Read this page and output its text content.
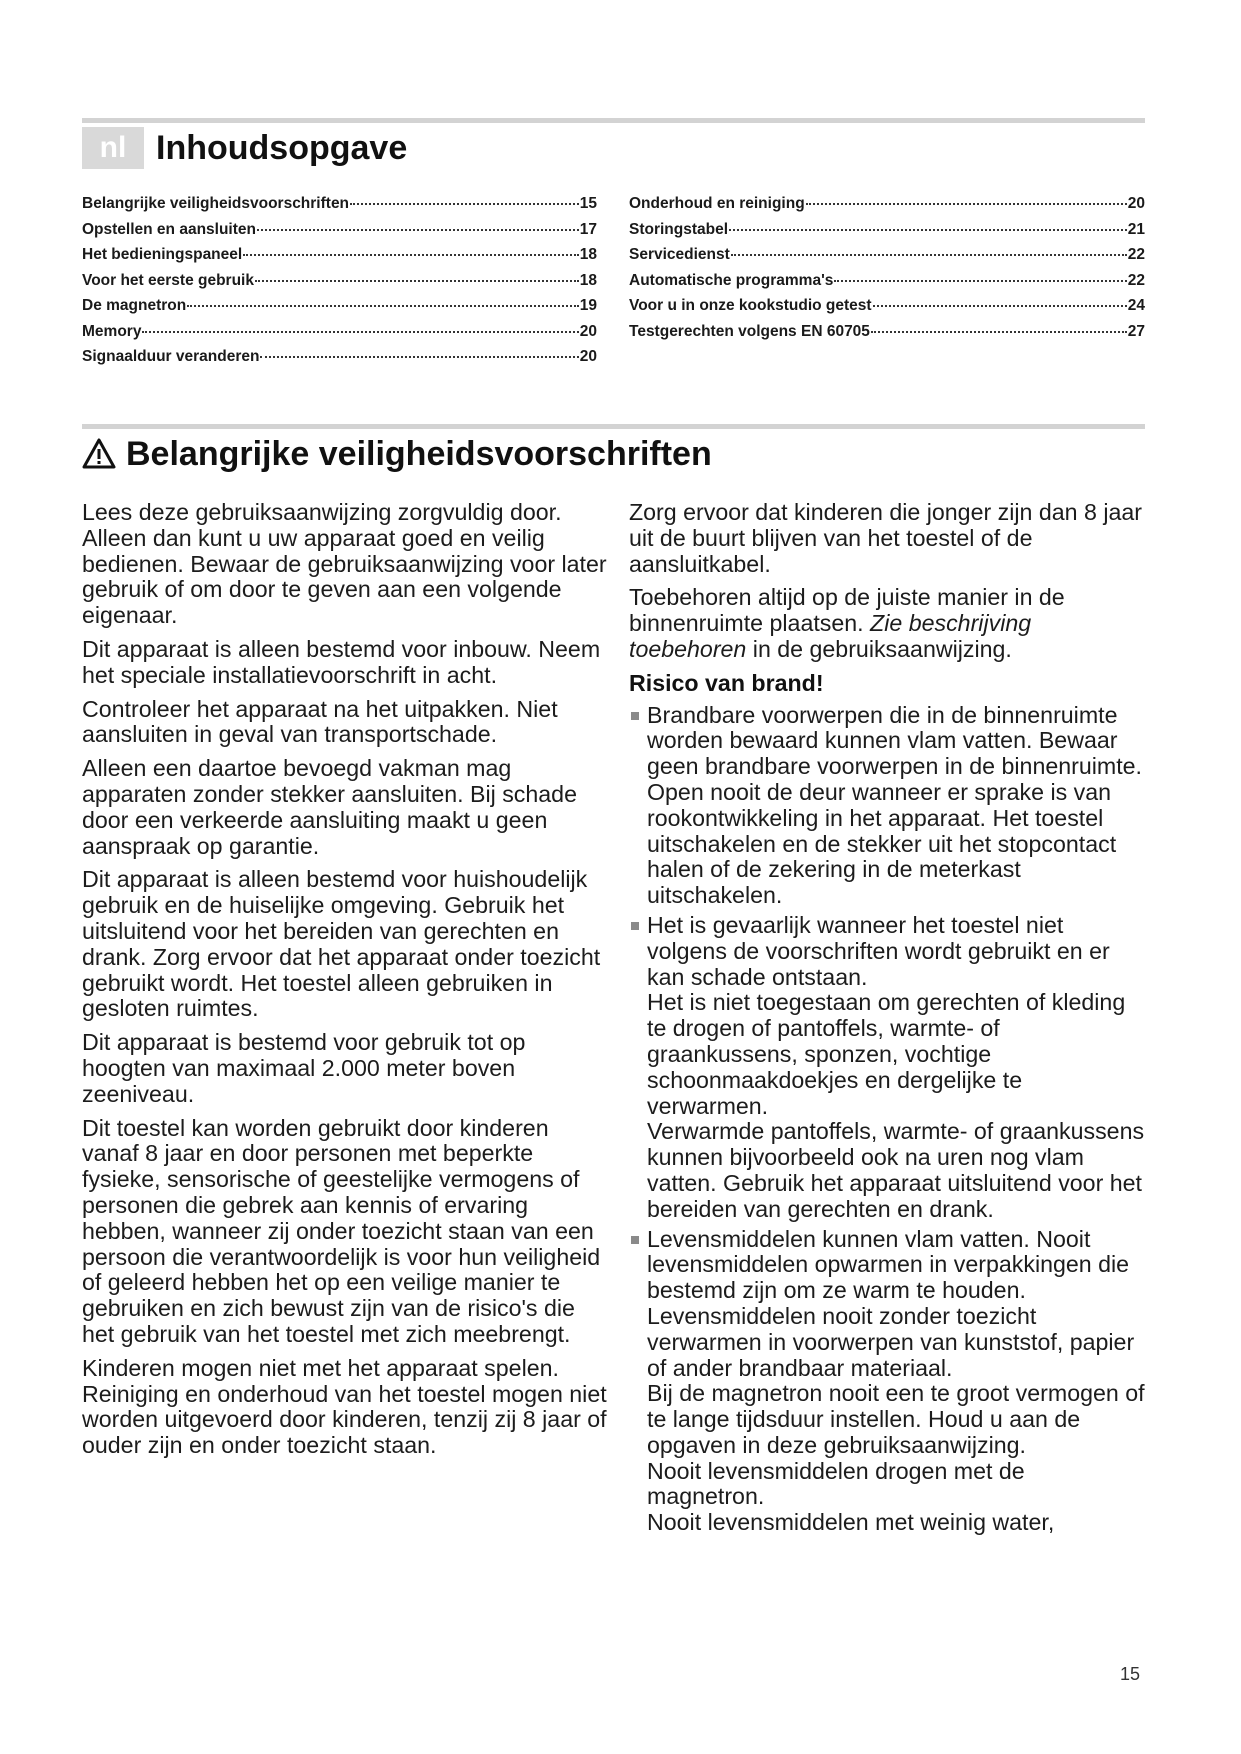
nl Inhoudsopgave
Belangrijke veiligheidsvoorschriften	15
Opstellen en aansluiten	17
Het bedieningspaneel	18
Voor het eerste gebruik	18
De magnetron	19
Memory	20
Signaalduur veranderen	20
Onderhoud en reiniging	20
Storingstabel	21
Servicedienst	22
Automatische programma's	22
Voor u in onze kookstudio getest	24
Testgerechten volgens EN 60705	27
Belangrijke veiligheidsvoorschriften

Lees deze gebruiksaanwijzing zorgvuldig door. Alleen dan kunt u uw apparaat goed en veilig bedienen. Bewaar de gebruiksaanwijzing voor later gebruik of om door te geven aan een volgende eigenaar.

Dit apparaat is alleen bestemd voor inbouw. Neem het speciale installatievoorschrift in acht.

Controleer het apparaat na het uitpakken. Niet aansluiten in geval van transportschade.

Alleen een daartoe bevoegd vakman mag apparaten zonder stekker aansluiten. Bij schade door een verkeerde aansluiting maakt u geen aanspraak op garantie.

Dit apparaat is alleen bestemd voor huishoudelijk gebruik en de huiselijke omgeving. Gebruik het uitsluitend voor het bereiden van gerechten en drank. Zorg ervoor dat het apparaat onder toezicht gebruikt wordt. Het toestel alleen gebruiken in gesloten ruimtes.

Dit apparaat is bestemd voor gebruik tot op hoogten van maximaal 2.000 meter boven zeeniveau.

Dit toestel kan worden gebruikt door kinderen vanaf 8 jaar en door personen met beperkte fysieke, sensorische of geestelijke vermogens of personen die gebrek aan kennis of ervaring hebben, wanneer zij onder toezicht staan van een persoon die verantwoordelijk is voor hun veiligheid of geleerd hebben het op een veilige manier te gebruiken en zich bewust zijn van de risico's die het gebruik van het toestel met zich meebrengt.

Kinderen mogen niet met het apparaat spelen. Reiniging en onderhoud van het toestel mogen niet worden uitgevoerd door kinderen, tenzij zij 8 jaar of ouder zijn en onder toezicht staan.

Zorg ervoor dat kinderen die jonger zijn dan 8 jaar uit de buurt blijven van het toestel of de aansluitkabel.

Toebehoren altijd op de juiste manier in de binnenruimte plaatsen. Zie beschrijving toebehoren in de gebruiksaanwijzing.

Risico van brand!
Brandbare voorwerpen die in de binnenruimte worden bewaard kunnen vlam vatten. Bewaar geen brandbare voorwerpen in de binnenruimte. Open nooit de deur wanneer er sprake is van rookontwikkeling in het apparaat. Het toestel uitschakelen en de stekker uit het stopcontact halen of de zekering in de meterkast uitschakelen.
Het is gevaarlijk wanneer het toestel niet volgens de voorschriften wordt gebruikt en er kan schade ontstaan.
Het is niet toegestaan om gerechten of kleding te drogen of pantoffels, warmte- of graankussens, sponzen, vochtige schoonmaakdoekjes en dergelijke te verwarmen.
Verwarmde pantoffels, warmte- of graankussens kunnen bijvoorbeeld ook na uren nog vlam vatten. Gebruik het apparaat uitsluitend voor het bereiden van gerechten en drank.
Levensmiddelen kunnen vlam vatten. Nooit levensmiddelen opwarmen in verpakkingen die bestemd zijn om ze warm te houden.
Levensmiddelen nooit zonder toezicht verwarmen in voorwerpen van kunststof, papier of ander brandbaar materiaal.
Bij de magnetron nooit een te groot vermogen of te lange tijdsduur instellen. Houd u aan de opgaven in deze gebruiksaanwijzing.
Nooit levensmiddelen drogen met de magnetron.
Nooit levensmiddelen met weinig water,
15
